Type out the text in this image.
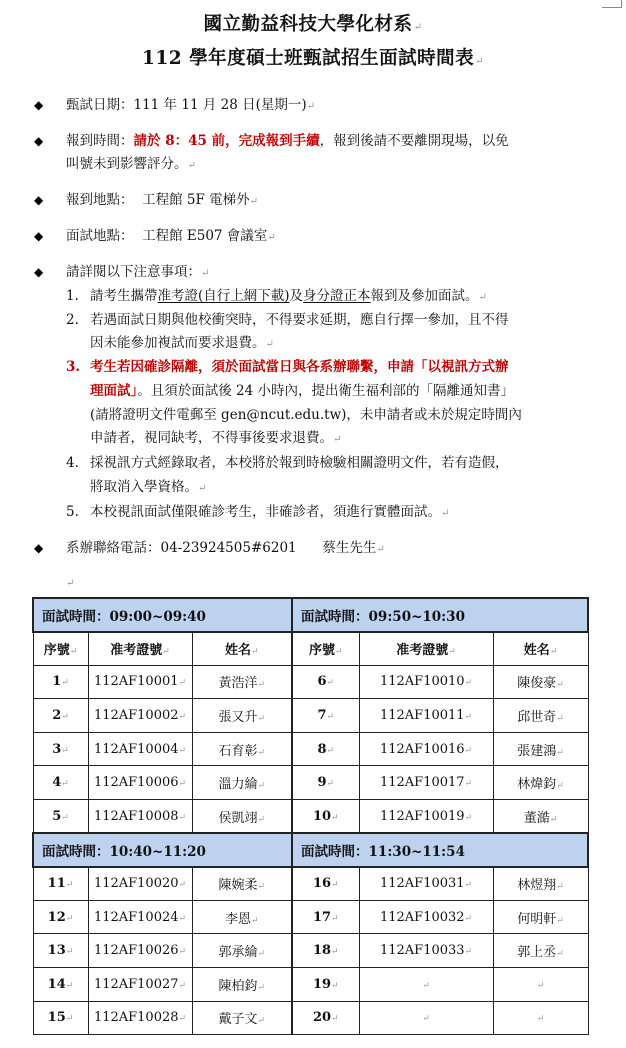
國立勤益科技大學化材系↵
112 學年度碩士班甄試招生面試時間表↵
◆ 甄試日期：111 年 11 月 28 日(星期一)↵
◆ 報到時間：請於 8：45 前，完成報到手續，報到後請不要離開現場，以免
叫號未到影響評分。↵
◆ 報到地點： 工程館 5F 電梯外↵
◆ 面試地點： 工程館 E507 會議室↵
◆ 請詳閱以下注意事項：↵
1. 請考生攜帶准考證(自行上網下載)及身分證正本報到及參加面試。↵
2. 若遇面試日期與他校衝突時，不得要求延期，應自行擇一參加，且不得
因未能參加複試而要求退費。↵
3. 考生若因確診隔離，須於面試當日與各系辦聯繫，申請「以視訊方式辦
理面試」。且須於面試後 24 小時內，提出衛生福利部的「隔離通知書」
(請將證明文件電郵至 gen@ncut.edu.tw)，未申請者或未於規定時間內
申請者，視同缺考，不得事後要求退費。↵
4. 採視訊方式經錄取者，本校將於報到時檢驗相關證明文件，若有造假，
將取消入學資格。↵
5. 本校視訊面試僅限確診考生，非確診者，須進行實體面試。↵
◆ 系辦聯絡電話：04-23924505#6201 蔡生先生↵
↵
面試時間：09:00~09:40			面試時間：09:50~10:30		
序號↵	准考證號↵	姓名↵	序號↵	准考證號↵	姓名↵
1↵	112AF10001↵	黃浩洋↵	6↵	112AF10010↵	陳俊豪↵
2↵	112AF10002↵	張又升↵	7↵	112AF10011↵	邱世奇↵
3↵	112AF10004↵	石育彰↵	8↵	112AF10016↵	張建鴻↵
4↵	112AF10006↵	溫力綸↵	9↵	112AF10017↵	林煒鈞↵
5↵	112AF10008↵	侯凱翊↵	10↵	112AF10019↵	董澔↵
面試時間：10:40~11:20			面試時間：11:30~11:54		
11↵	112AF10020↵	陳婉柔↵	16↵	112AF10031↵	林煜翔↵
12↵	112AF10024↵	李恩↵	17↵	112AF10032↵	何明軒↵
13↵	112AF10026↵	郭承綸↵	18↵	112AF10033↵	郭上丞↵
14↵	112AF10027↵	陳柏鈞↵	19↵	↵	↵
15↵	112AF10028↵	戴子文↵	20↵	↵	↵
